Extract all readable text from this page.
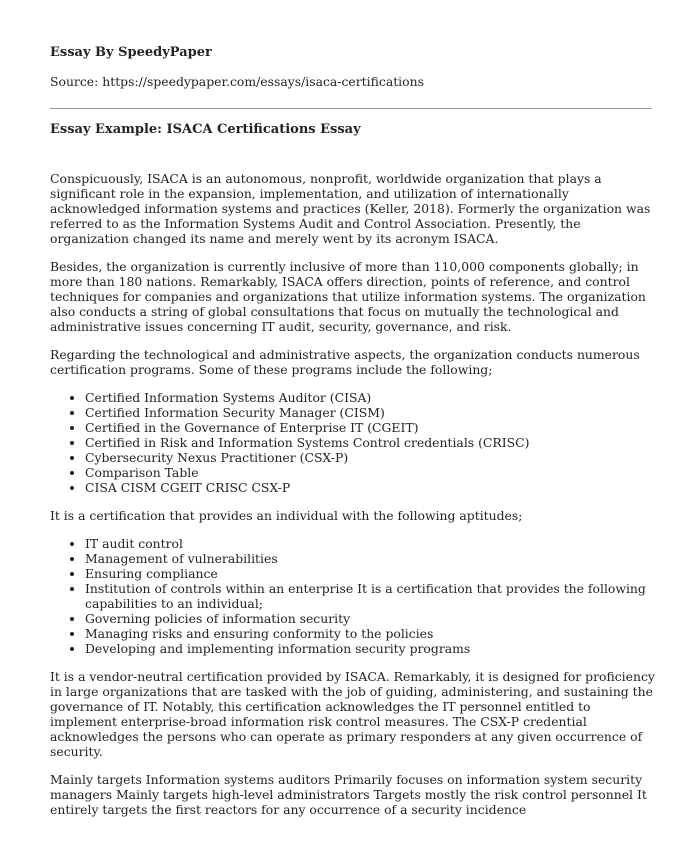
Essay By SpeedyPaper

Source: https://speedypaper.com/essays/isaca-certifications

Essay Example: ISACA Certifications Essay

Conspicuously, ISACA is an autonomous, nonprofit, worldwide organization that plays a significant role in the expansion, implementation, and utilization of internationally acknowledged information systems and practices (Keller, 2018). Formerly the organization was referred to as the Information Systems Audit and Control Association. Presently, the organization changed its name and merely went by its acronym ISACA.

Besides, the organization is currently inclusive of more than 110,000 components globally; in more than 180 nations. Remarkably, ISACA offers direction, points of reference, and control techniques for companies and organizations that utilize information systems. The organization also conducts a string of global consultations that focus on mutually the technological and administrative issues concerning IT audit, security, governance, and risk.

Regarding the technological and administrative aspects, the organization conducts numerous certification programs. Some of these programs include the following;

• Certified Information Systems Auditor (CISA)
• Certified Information Security Manager (CISM)
• Certified in the Governance of Enterprise IT (CGEIT)
• Certified in Risk and Information Systems Control credentials (CRISC)
• Cybersecurity Nexus Practitioner (CSX-P)
• Comparison Table
• CISA CISM CGEIT CRISC CSX-P

It is a certification that provides an individual with the following aptitudes;

• IT audit control
• Management of vulnerabilities
• Ensuring compliance
• Institution of controls within an enterprise It is a certification that provides the following capabilities to an individual;
• Governing policies of information security
• Managing risks and ensuring conformity to the policies
• Developing and implementing information security programs

It is a vendor-neutral certification provided by ISACA. Remarkably, it is designed for proficiency in large organizations that are tasked with the job of guiding, administering, and sustaining the governance of IT. Notably, this certification acknowledges the IT personnel entitled to implement enterprise-broad information risk control measures. The CSX-P credential acknowledges the persons who can operate as primary responders at any given occurrence of security.

Mainly targets Information systems auditors Primarily focuses on information system security managers Mainly targets high-level administrators Targets mostly the risk control personnel It entirely targets the first reactors for any occurrence of a security incidence
